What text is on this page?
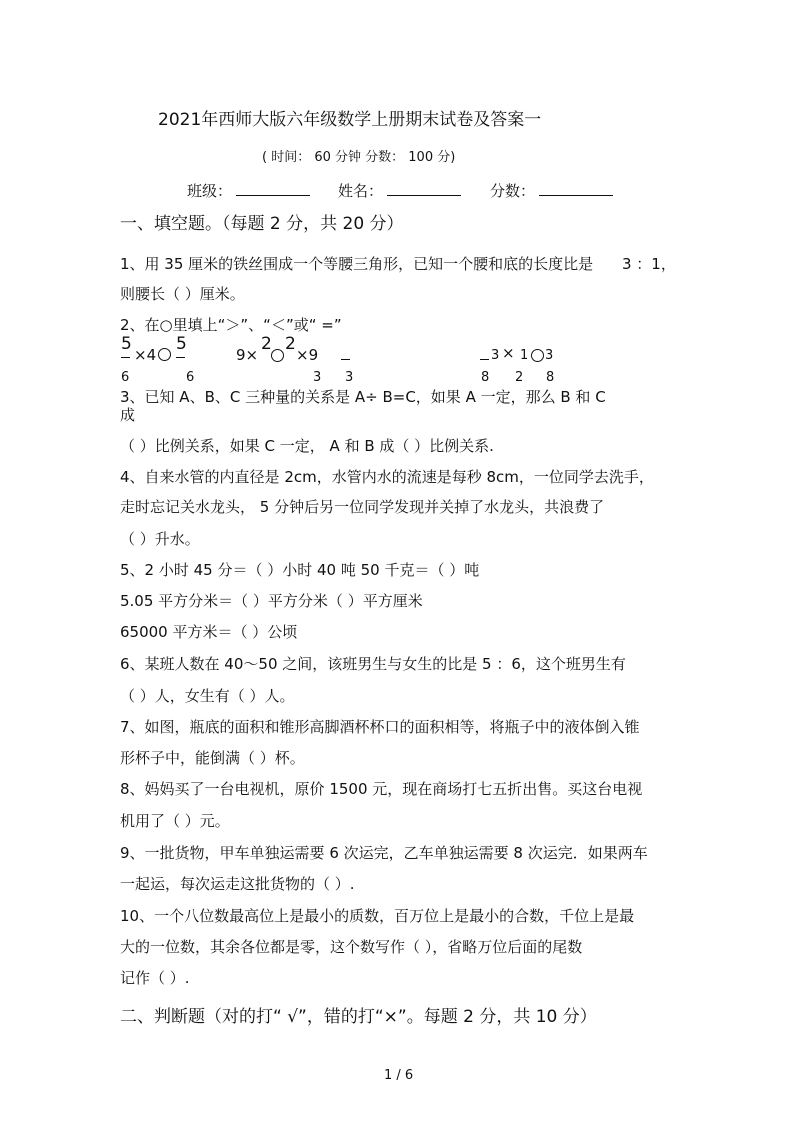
2021年西师大版六年级数学上册期末试卷及答案一
( 时间： 60 分钟 分数： 100 分)
班级：	姓名：	分数：
一、填空题。（每题 2 分，共 20 分）
1、用 35 厘米的铁丝围成一个等腰三角形，已知一个腰和底的长度比是 3 ：1，
则腰长（ ）厘米。
2、在○里填上“＞”、“＜”或“ =”
5	5	2 2
3 1 3
×4	9×	×9	×
6	6	3 3	8 2 8
3、已知 A、B、C 三种量的关系是 A÷ B=C，如果 A 一定，那么 B 和 C
成
（ ）比例关系，如果 C 一定， A 和 B 成（ ）比例关系.
4、自来水管的内直径是 2cm，水管内水的流速是每秒 8cm，一位同学去洗手，
走时忘记关水龙头， 5 分钟后另一位同学发现并关掉了水龙头，共浪费了
（ ）升水。
5、2 小时 45 分＝（ ）小时 40 吨 50 千克＝（ ）吨
5.05 平方分米＝（ ）平方分米（ ）平方厘米
65000 平方米＝（ ）公顷
6、某班人数在 40～50 之间，该班男生与女生的比是 5 ：6，这个班男生有
（ ）人，女生有（ ）人。
7、如图，瓶底的面积和锥形高脚酒杯杯口的面积相等，将瓶子中的液体倒入锥
形杯子中，能倒满（ ）杯。
8、妈妈买了一台电视机，原价 1500 元，现在商场打七五折出售。买这台电视
机用了（ ）元。
9、一批货物，甲车单独运需要 6 次运完，乙车单独运需要 8 次运完．如果两车
一起运，每次运走这批货物的（ ）.
10、一个八位数最高位上是最小的质数，百万位上是最小的合数，千位上是最
大的一位数，其余各位都是零，这个数写作（ ），省略万位后面的尾数
记作（ ）.
二、判断题（对的打“ √”，错的打“×”。每题 2 分，共 10 分）
1 / 6
